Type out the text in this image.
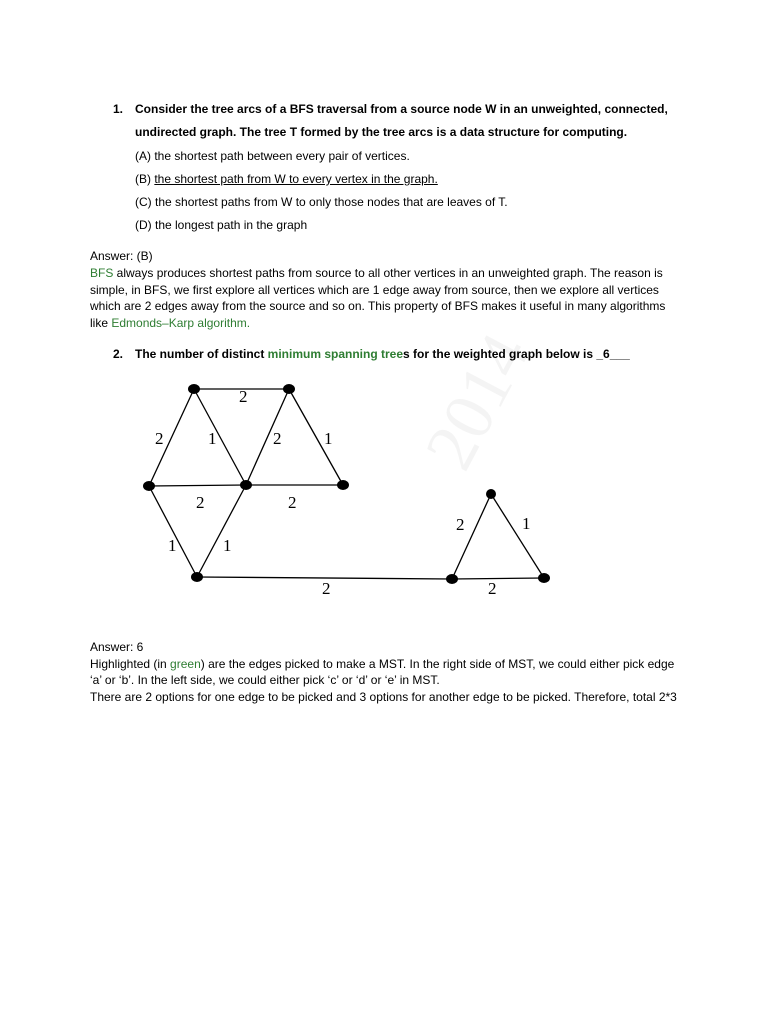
1. Consider the tree arcs of a BFS traversal from a source node W in an unweighted, connected,
undirected graph. The tree T formed by the tree arcs is a data structure for computing.
(A) the shortest path between every pair of vertices.
(B) the shortest path from W to every vertex in the graph.
(C) the shortest paths from W to only those nodes that are leaves of T.
(D) the longest path in the graph
Answer: (B)
BFS always produces shortest paths from source to all other vertices in an unweighted graph. The reason is
simple, in BFS, we first explore all vertices which are 1 edge away from source, then we explore all vertices
which are 2 edges away from the source and so on. This property of BFS makes it useful in many algorithms
like Edmonds–Karp algorithm.
2. The number of distinct minimum spanning trees for the weighted graph below is _6___
2
1
2	1
2
2	2
1	1
2
2	1
2
Answer: 6
Highlighted (in green) are the edges picked to make a MST. In the right side of MST, we could either pick edge
‘a’ or ‘b’. In the left side, we could either pick ‘c’ or ‘d’ or ‘e’ in MST.
There are 2 options for one edge to be picked and 3 options for another edge to be picked. Therefore, total 2*3
